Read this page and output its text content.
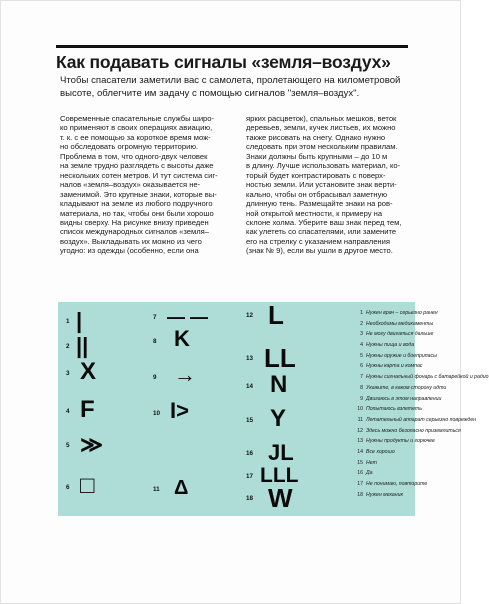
Как подавать сигналы «земля–воздух»
Чтобы спасатели заметили вас с самолета, пролетающего на километровой
высоте, облегчите им задачу с помощью сигналов "земля–воздух".
Современные спасательные службы широ-
ко применяют в своих операциях авиацию,
т. к. с ее помощью за короткое время мож-
но обследовать огромную территорию.
Проблема в том, что одного-двух человек
на земле трудно разглядеть с высоты даже
нескольких сотен метров. И тут система сиг-
налов «земля–воздух» оказывается не-
заменимой. Это крупные знаки, которые вы-
кладывают на земле из любого подручного
материала, но так, чтобы они были хорошо
видны сверху. На рисунке внизу приведен
список международных сигналов «земля–
воздух». Выкладывать их можно из чего
угодно: из одежды (особенно, если она
ярких расцветок), спальных мешков, веток
деревьев, земли, кучек листьев, их можно
также рисовать на снегу. Однако нужно
следовать при этом нескольким правилам.
Знаки должны быть крупными – до 10 м
в длину. Лучше использовать материал, ко-
торый будет контрастировать с поверх-
ностью земли. Или установите знак верти-
кально, чтобы он отбрасывал заметную
длинную тень. Размещайте знаки на ров-
ной открытой местности, к примеру на
склоне холма. Уберите ваш знак перед тем,
как улететь со спасателями, или замените
его на стрелку с указанием направления
(знак № 9), если вы ушли в другое место.
1 Нужен врач – серьезно ранен
2 Необходимы медикаменты
3 Не могу двигаться дальше
4 Нужны пища и вода
5 Нужны оружие и боеприпасы
6 Нужны карта и компас
7 Нужны сигнальный фонарь с батарейкой и радио
8 Укажите, в каком сторону идти
9 Двигаюсь в этом направлении
10 Попытаюсь взлететь
11 Летательный аппарат серьезно поврежден
12 Здесь можно безопасно приземлиться
13 Нужны продукты и горючее
14 Все хорошо
15 Нет
16 Да
17 Не понимаю, повторите
18 Нужен механик
1 |
2 ||
3 X
4 F
5 ≫
6 □
7 — —
8 K
9 →
10 I>
11 Δ
12 L
13 LL
14 N
15 Y
16 JL
17 LLL
18 W
